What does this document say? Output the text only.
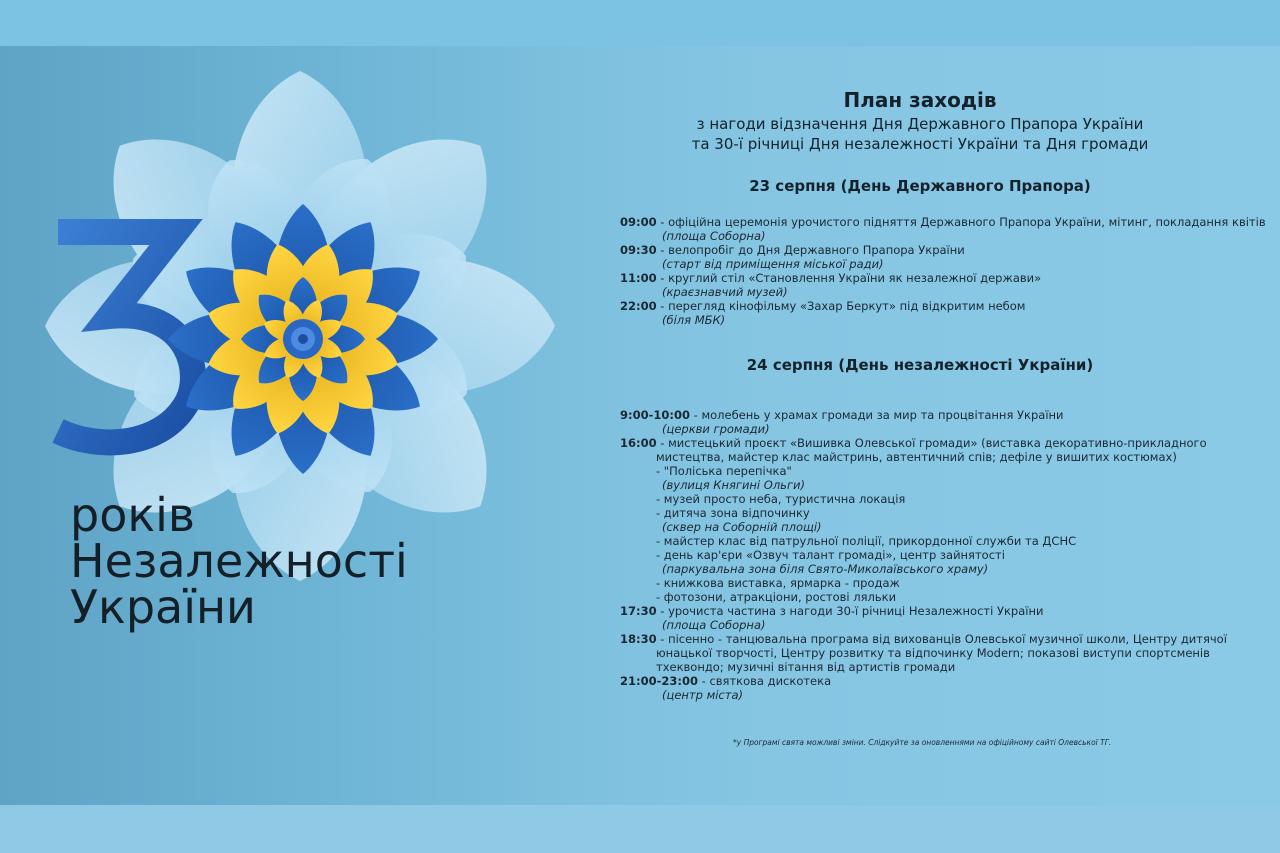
років
Незалежності
України
План заходів
з нагоди відзначення Дня Державного Прапора України
та 30-ї річниці Дня незалежності України та Дня громади
23 серпня (День Державного Прапора)
09:00 - офіційна церемонія урочистого підняття Державного Прапора України, мітинг, покладання квітів
(площа Соборна)
09:30 - велопробіг до Дня Державного Прапора України
(старт від приміщення міської ради)
11:00 - круглий стіл «Становлення України як незалежної держави»
(краєзнавчий музей)
22:00 - перегляд кінофільму «Захар Беркут» під відкритим небом
(біля МБК)
24 серпня (День незалежності України)
9:00-10:00 - молебень у храмах громади за мир та процвітання України
(церкви громади)
16:00 - мистецький проєкт «Вишивка Олевської громади» (виставка декоративно-прикладного
мистецтва, майстер клас майстринь, автентичний спів; дефіле у вишитих костюмах)
- "Поліська перепічка"
(вулиця Княгині Ольги)
- музей просто неба, туристична локація
- дитяча зона відпочинку
(сквер на Соборній площі)
- майстер клас від патрульної поліції, прикордонної служби та ДСНС
- день кар'єри «Озвуч талант громаді», центр зайнятості
(паркувальна зона біля Свято-Миколаївського храму)
- книжкова виставка, ярмарка - продаж
- фотозони, атракціони, ростові ляльки
17:30 - урочиста частина з нагоди 30-ї річниці Незалежності України
(площа Соборна)
18:30 - пісенно - танцювальна програма від вихованців Олевської музичної школи, Центру дитячої
юнацької творчості, Центру розвитку та відпочинку Modern; показові виступи спортсменів
тхеквондо; музичні вітання від артистів громади
21:00-23:00 - святкова дискотека
(центр міста)
*у Програмі свята можливі зміни. Слідкуйте за оновленнями на офіційному сайті Олевської ТГ.
